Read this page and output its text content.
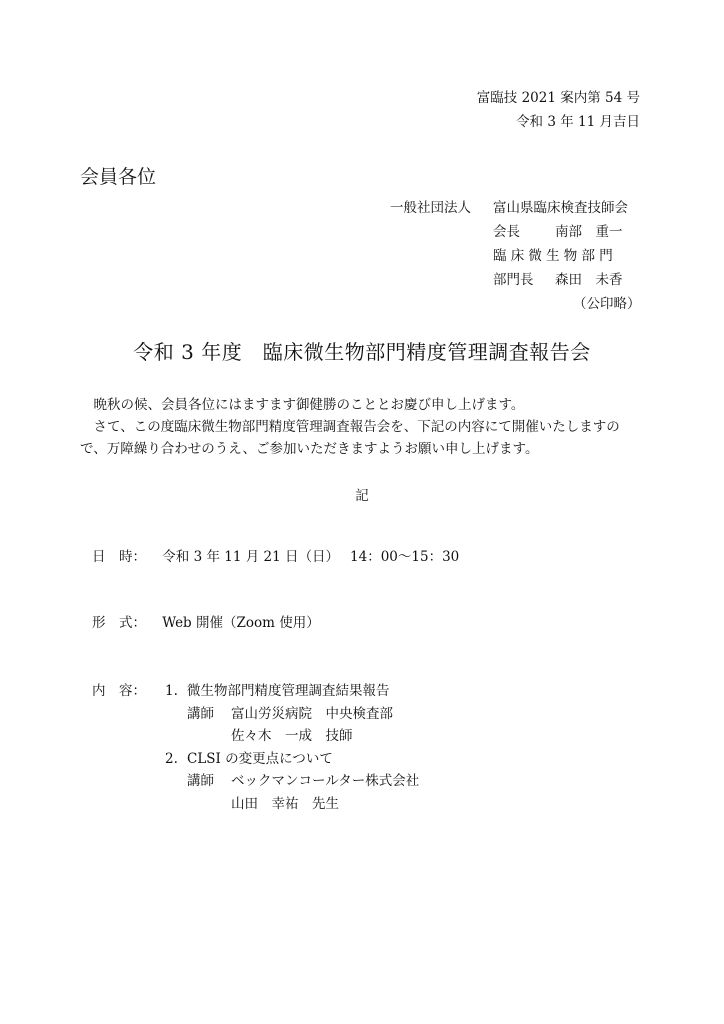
富臨技 2021 案内第 54 号
令和 3 年 11 月吉日
会員各位
一般社団法人	富山県臨床検査技師会
会長	南部　重一
臨床微生物部門
部門長	森田　未香
（公印略）
令和 3 年度　臨床微生物部門精度管理調査報告会

晩秋の候、会員各位にはますます御健勝のこととお慶び申し上げます。

さて、この度臨床微生物部門精度管理調査報告会を、下記の内容にて開催いたしますので、万障繰り合わせのうえ、ご参加いただきますようお願い申し上げます。

記
日　時： 令和 3 年 11 月 21 日（日）　 14：00〜15：30
形　式： Web 開催（Zoom 使用）
内　容：	1. 微生物部門精度管理調査結果報告
講師 富山労災病院　中央検査部
佐々木　一成　技師
2. CLSI の変更点について
講師 ベックマンコールター株式会社
山田　幸祐　先生
